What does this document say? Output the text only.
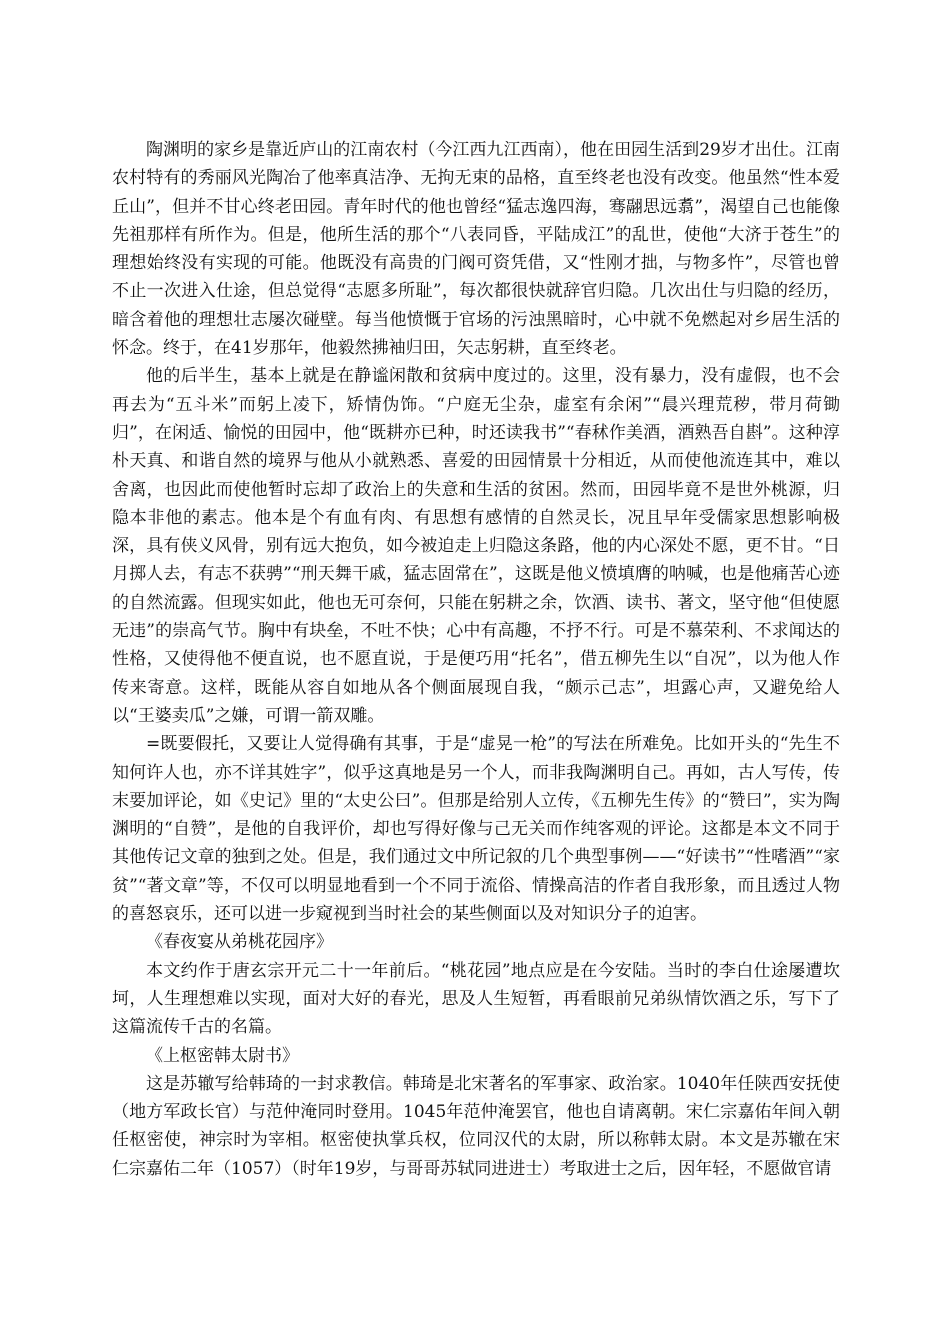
陶渊明的家乡是靠近庐山的江南农村（今江西九江西南），他在田园生活到29岁才出仕。江南农村特有的秀丽风光陶冶了他率真洁净、无拘无束的品格，直至终老也没有改变。他虽然“性本爱丘山”，但并不甘心终老田园。青年时代的他也曾经“猛志逸四海，骞翮思远翥”，渴望自己也能像先祖那样有所作为。但是，他所生活的那个“八表同昏，平陆成江”的乱世，使他“大济于苍生”的理想始终没有实现的可能。他既没有高贵的门阀可资凭借，又“性刚才拙，与物多忤”，尽管也曾不止一次进入仕途，但总觉得“志愿多所耻”，每次都很快就辞官归隐。几次出仕与归隐的经历，暗含着他的理想壮志屡次碰壁。每当他愤慨于官场的污浊黑暗时，心中就不免燃起对乡居生活的怀念。终于，在41岁那年，他毅然拂袖归田，矢志躬耕，直至终老。

他的后半生，基本上就是在静谧闲散和贫病中度过的。这里，没有暴力，没有虚假，也不会再去为“五斗米”而躬上凌下，矫情伪饰。“户庭无尘杂，虚室有余闲”“晨兴理荒秽，带月荷锄归”，在闲适、愉悦的田园中，他“既耕亦已种，时还读我书”“春秫作美酒，酒熟吾自斟”。这种淳朴天真、和谐自然的境界与他从小就熟悉、喜爱的田园情景十分相近，从而使他流连其中，难以舍离，也因此而使他暂时忘却了政治上的失意和生活的贫困。然而，田园毕竟不是世外桃源，归隐本非他的素志。他本是个有血有肉、有思想有感情的自然灵长，况且早年受儒家思想影响极深，具有侠义风骨，别有远大抱负，如今被迫走上归隐这条路，他的内心深处不愿，更不甘。“日月掷人去，有志不获骋”“刑天舞干戚，猛志固常在”，这既是他义愤填膺的呐喊，也是他痛苦心迹的自然流露。但现实如此，他也无可奈何，只能在躬耕之余，饮酒、读书、著文，坚守他“但使愿无违”的崇高气节。胸中有块垒，不吐不快；心中有高趣，不抒不行。可是不慕荣利、不求闻达的性格，又使得他不便直说，也不愿直说，于是便巧用“托名”，借五柳先生以“自况”，以为他人作传来寄意。这样，既能从容自如地从各个侧面展现自我，“颇示己志”，坦露心声，又避免给人以“王婆卖瓜”之嫌，可谓一箭双雕。

=既要假托，又要让人觉得确有其事，于是“虚晃一枪”的写法在所难免。比如开头的“先生不知何许人也，亦不详其姓字”，似乎这真地是另一个人，而非我陶渊明自己。再如，古人写传，传末要加评论，如《史记》里的“太史公曰”。但那是给别人立传，《五柳先生传》的“赞曰”，实为陶渊明的“自赞”，是他的自我评价，却也写得好像与己无关而作纯客观的评论。这都是本文不同于其他传记文章的独到之处。但是，我们通过文中所记叙的几个典型事例——“好读书”“性嗜酒”“家贫”“著文章”等，不仅可以明显地看到一个不同于流俗、情操高洁的作者自我形象，而且透过人物的喜怒哀乐，还可以进一步窥视到当时社会的某些侧面以及对知识分子的迫害。

《春夜宴从弟桃花园序》

本文约作于唐玄宗开元二十一年前后。“桃花园”地点应是在今安陆。当时的李白仕途屡遭坎坷，人生理想难以实现，面对大好的春光，思及人生短暂，再看眼前兄弟纵情饮酒之乐，写下了这篇流传千古的名篇。

《上枢密韩太尉书》

这是苏辙写给韩琦的一封求教信。韩琦是北宋著名的军事家、政治家。1040年任陕西安抚使（地方军政长官）与范仲淹同时登用。1045年范仲淹罢官，他也自请离朝。宋仁宗嘉佑年间入朝任枢密使，神宗时为宰相。枢密使执掌兵权，位同汉代的太尉，所以称韩太尉。本文是苏辙在宋仁宗嘉佑二年（1057）（时年19岁，与哥哥苏轼同进进士）考取进士之后，因年轻，不愿做官请
